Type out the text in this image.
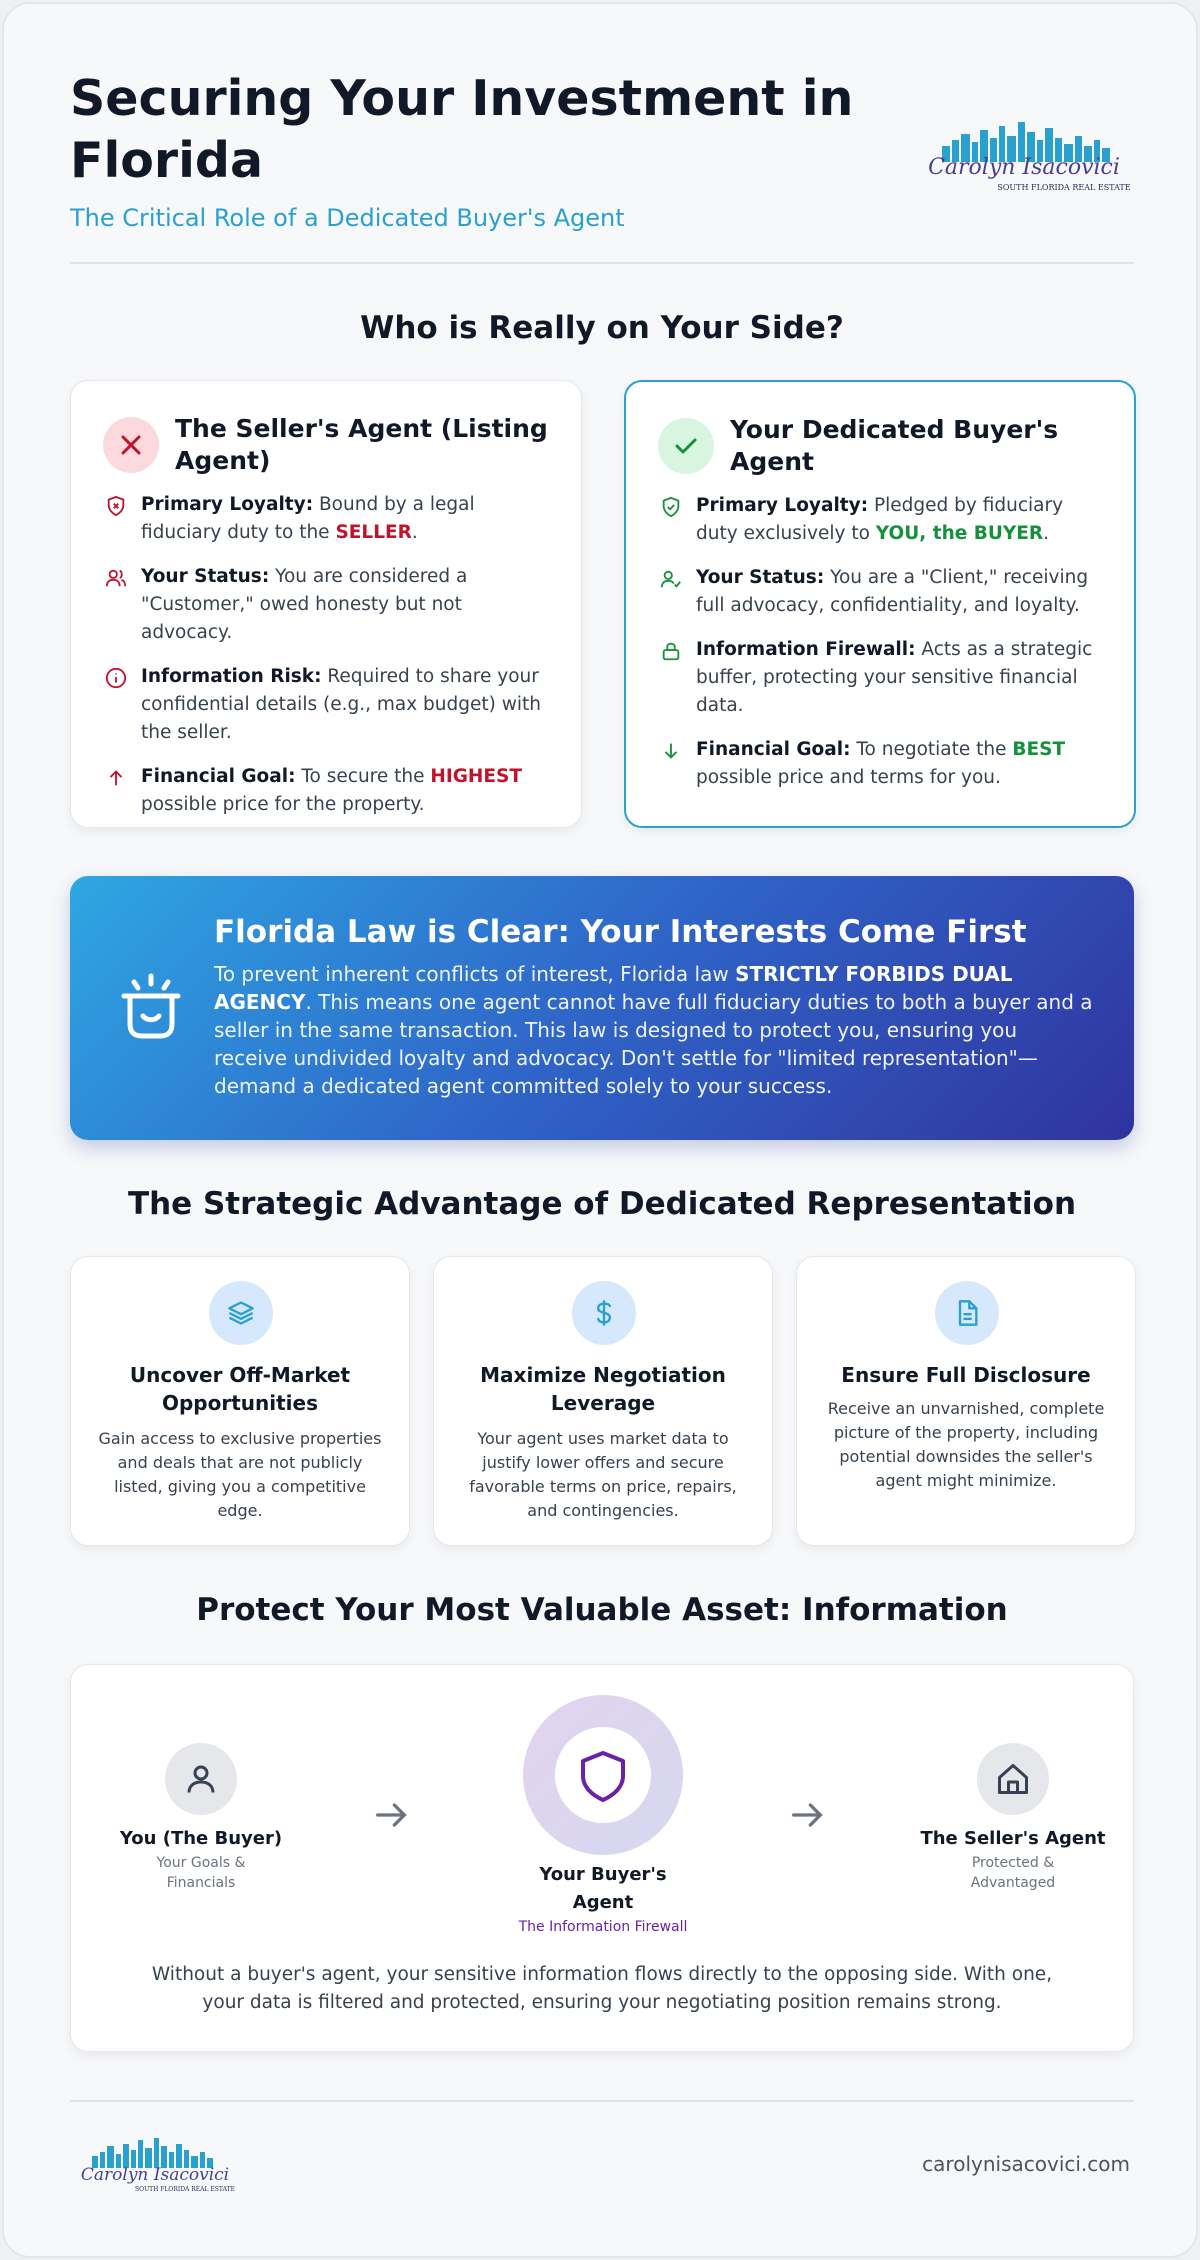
Securing Your Investment in Florida
The Critical Role of a Dedicated Buyer's Agent
Carolyn Isacovici
SOUTH FLORIDA REAL ESTATE
Who is Really on Your Side?
The Seller's Agent (Listing Agent)
Primary Loyalty: Bound by a legal fiduciary duty to the SELLER.
Your Status: You are considered a "Customer," owed honesty but not advocacy.
Information Risk: Required to share your confidential details (e.g., max budget) with the seller.
Financial Goal: To secure the HIGHEST possible price for the property.
Your Dedicated Buyer's Agent
Primary Loyalty: Pledged by fiduciary duty exclusively to YOU, the BUYER.
Your Status: You are a "Client," receiving full advocacy, confidentiality, and loyalty.
Information Firewall: Acts as a strategic buffer, protecting your sensitive financial data.
Financial Goal: To negotiate the BEST possible price and terms for you.
Florida Law is Clear: Your Interests Come First
To prevent inherent conflicts of interest, Florida law STRICTLY FORBIDS DUAL AGENCY. This means one agent cannot have full fiduciary duties to both a buyer and a seller in the same transaction. This law is designed to protect you, ensuring you receive undivided loyalty and advocacy. Don't settle for "limited representation"—demand a dedicated agent committed solely to your success.
The Strategic Advantage of Dedicated Representation
Uncover Off-Market Opportunities
Gain access to exclusive properties and deals that are not publicly listed, giving you a competitive edge.
Maximize Negotiation Leverage
Your agent uses market data to justify lower offers and secure favorable terms on price, repairs, and contingencies.
Ensure Full Disclosure
Receive an unvarnished, complete picture of the property, including potential downsides the seller's agent might minimize.
Protect Your Most Valuable Asset: Information
You (The Buyer)
Your Goals & Financials	Your Buyer's Agent
The Information Firewall
The Seller's Agent
Protected & Advantaged
Without a buyer's agent, your sensitive information flows directly to the opposing side. With one, your data is filtered and protected, ensuring your negotiating position remains strong.
Carolyn Isacovici
SOUTH FLORIDA REAL ESTATE
carolynisacovici.com
